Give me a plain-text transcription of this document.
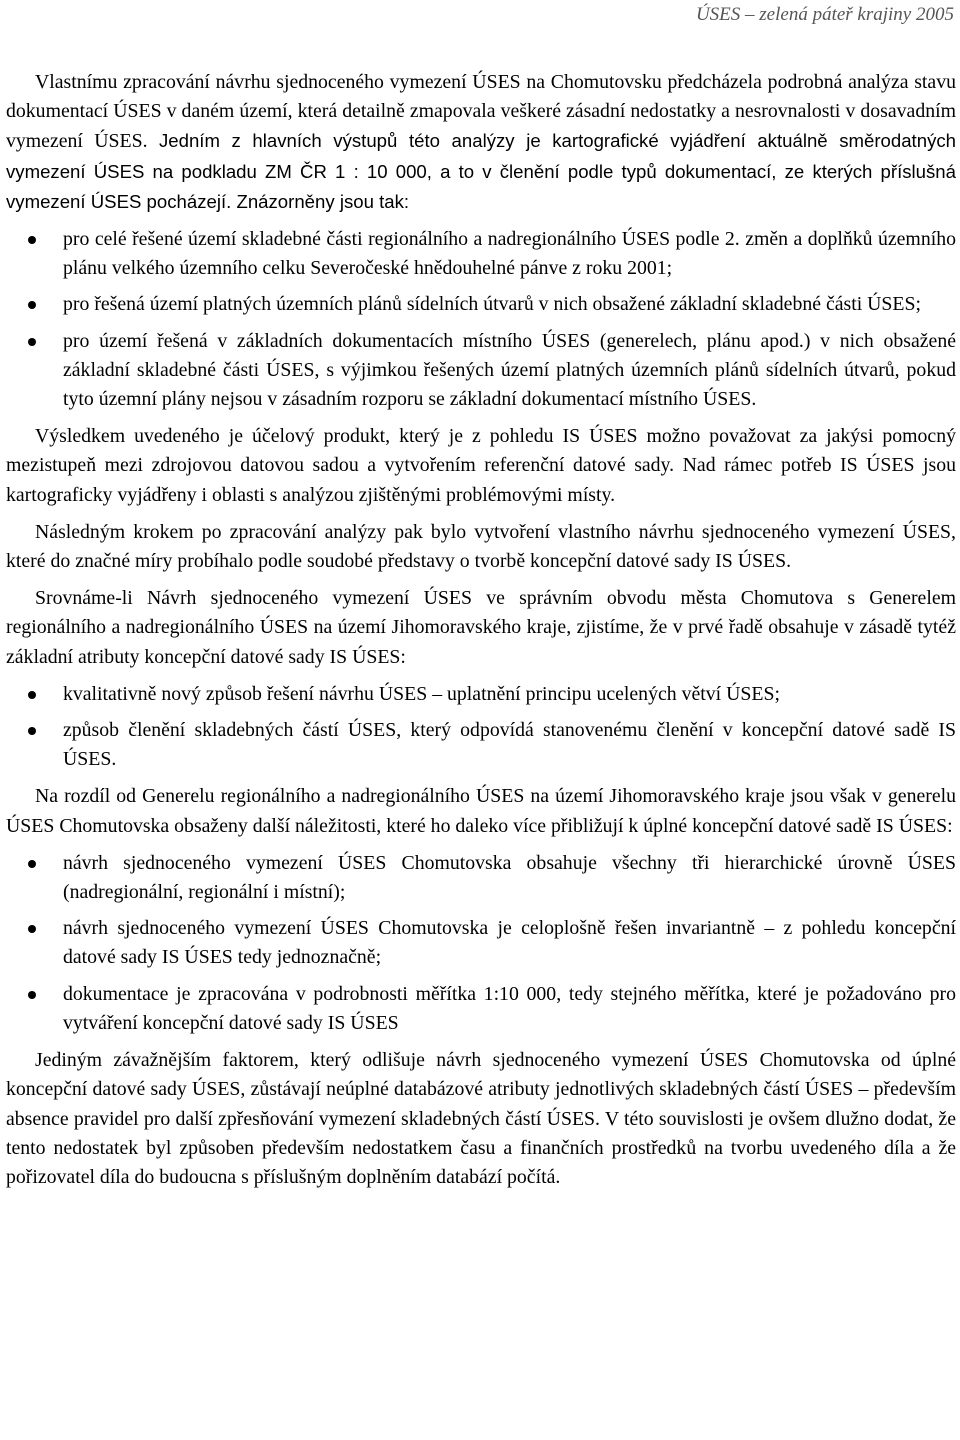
ÚSES – zelená páteř krajiny 2005

Vlastnímu zpracování návrhu sjednoceného vymezení ÚSES na Chomutovsku předcházela podrobná analýza stavu dokumentací ÚSES v daném území, která detailně zmapovala veškeré zásadní nedostatky a nesrovnalosti v dosavadním vymezení ÚSES. Jedním z hlavních výstupů této analýzy je kartografické vyjádření aktuálně směrodatných vymezení ÚSES na podkladu ZM ČR 1 : 10 000, a to v členění podle typů dokumentací, ze kterých příslušná vymezení ÚSES pocházejí. Znázorněny jsou tak:

pro celé řešené území skladebné části regionálního a nadregionálního ÚSES podle 2. změn a doplňků územního plánu velkého územního celku Severočeské hnědouhelné pánve z roku 2001;
pro řešená území platných územních plánů sídelních útvarů v nich obsažené základní skladebné části ÚSES;
pro území řešená v základních dokumentacích místního ÚSES (generelech, plánu apod.) v nich obsažené základní skladebné části ÚSES, s výjimkou řešených území platných územních plánů sídelních útvarů, pokud tyto územní plány nejsou v zásadním rozporu se základní dokumentací místního ÚSES.

Výsledkem uvedeného je účelový produkt, který je z pohledu IS ÚSES možno považovat za jakýsi pomocný mezistupeň mezi zdrojovou datovou sadou a vytvořením referenční datové sady. Nad rámec potřeb IS ÚSES jsou kartograficky vyjádřeny i oblasti s analýzou zjištěnými problémovými místy.

Následným krokem po zpracování analýzy pak bylo vytvoření vlastního návrhu sjednoceného vymezení ÚSES, které do značné míry probíhalo podle soudobé představy o tvorbě koncepční datové sady IS ÚSES.

Srovnáme-li Návrh sjednoceného vymezení ÚSES ve správním obvodu města Chomutova s Generelem regionálního a nadregionálního ÚSES na území Jihomoravského kraje, zjistíme, že v prvé řadě obsahuje v zásadě tytéž základní atributy koncepční datové sady IS ÚSES:

kvalitativně nový způsob řešení návrhu ÚSES – uplatnění principu ucelených větví ÚSES;
způsob členění skladebných částí ÚSES, který odpovídá stanovenému členění v koncepční datové sadě IS ÚSES.

Na rozdíl od Generelu regionálního a nadregionálního ÚSES na území Jihomoravského kraje jsou však v generelu ÚSES Chomutovska obsaženy další náležitosti, které ho daleko více přibližují k úplné koncepční datové sadě IS ÚSES:

návrh sjednoceného vymezení ÚSES Chomutovska obsahuje všechny tři hierarchické úrovně ÚSES (nadregionální, regionální i místní);
návrh sjednoceného vymezení ÚSES Chomutovska je celoplošně řešen invariantně – z pohledu koncepční datové sady IS ÚSES tedy jednoznačně;
dokumentace je zpracována v podrobnosti měřítka 1:10 000, tedy stejného měřítka, které je požadováno pro vytváření koncepční datové sady IS ÚSES

Jediným závažnějším faktorem, který odlišuje návrh sjednoceného vymezení ÚSES Chomutovska od úplné koncepční datové sady ÚSES, zůstávají neúplné databázové atributy jednotlivých skladebných částí ÚSES – především absence pravidel pro další zpřesňování vymezení skladebných částí ÚSES. V této souvislosti je ovšem dlužno dodat, že tento nedostatek byl způsoben především nedostatkem času a finančních prostředků na tvorbu uvedeného díla a že pořizovatel díla do budoucna s příslušným doplněním databází počítá.
